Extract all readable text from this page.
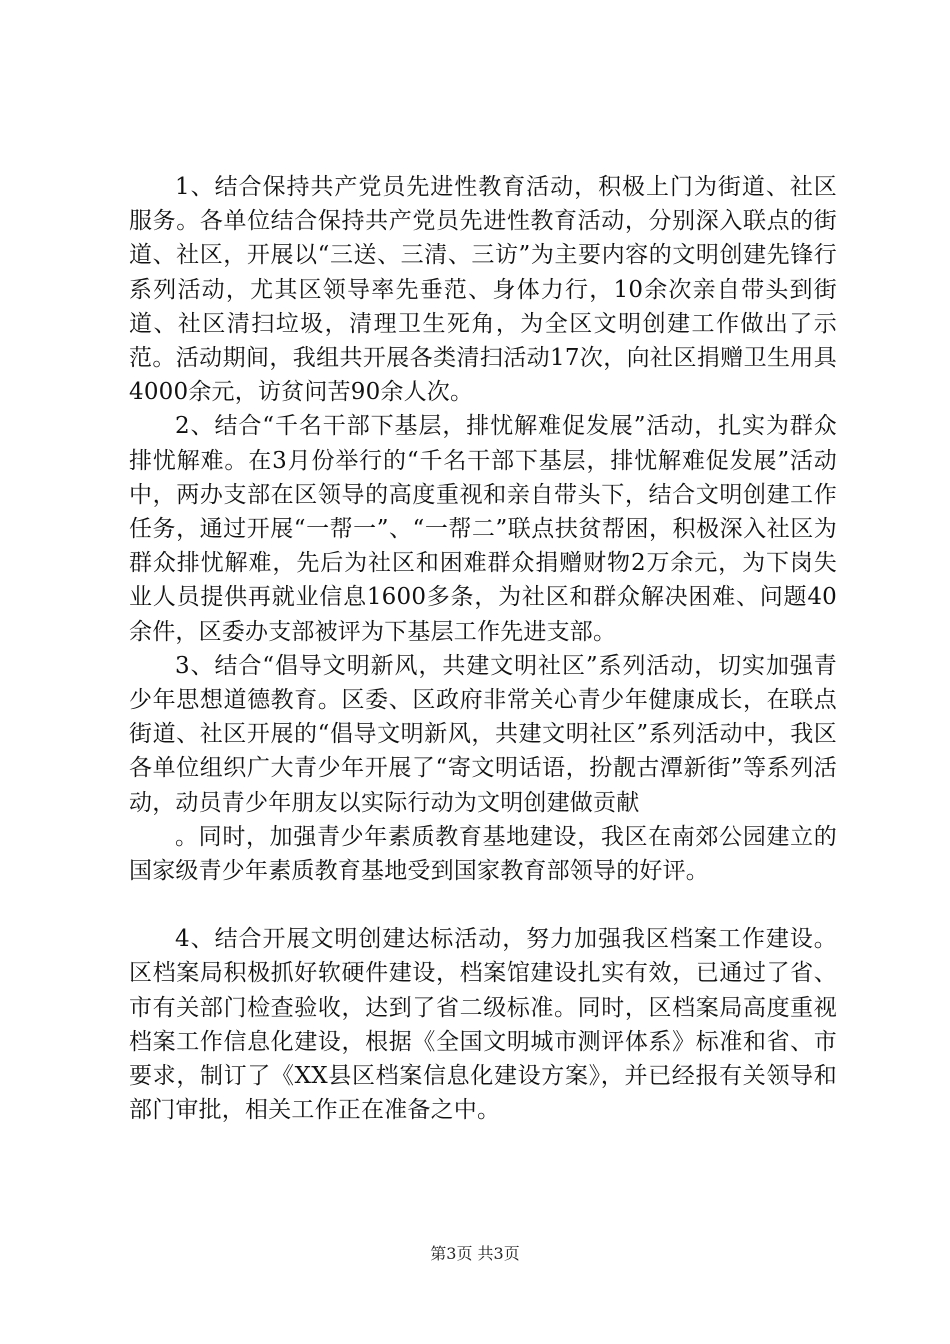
1、结合保持共产党员先进性教育活动，积极上门为街道、社区服务。各单位结合保持共产党员先进性教育活动，分别深入联点的街道、社区，开展以“三送、三清、三访”为主要内容的文明创建先锋行系列活动，尤其区领导率先垂范、身体力行，10余次亲自带头到街道、社区清扫垃圾，清理卫生死角，为全区文明创建工作做出了示范。活动期间，我组共开展各类清扫活动17次，向社区捐赠卫生用具4000余元，访贫问苦90余人次。

2、结合“千名干部下基层，排忧解难促发展”活动，扎实为群众排忧解难。在3月份举行的“千名干部下基层，排忧解难促发展”活动中，两办支部在区领导的高度重视和亲自带头下，结合文明创建工作任务，通过开展“一帮一”、“一帮二”联点扶贫帮困，积极深入社区为群众排忧解难，先后为社区和困难群众捐赠财物2万余元，为下岗失业人员提供再就业信息1600多条，为社区和群众解决困难、问题40余件，区委办支部被评为下基层工作先进支部。

3、结合“倡导文明新风，共建文明社区”系列活动，切实加强青少年思想道德教育。区委、区政府非常关心青少年健康成长，在联点街道、社区开展的“倡导文明新风，共建文明社区”系列活动中，我区各单位组织广大青少年开展了“寄文明话语，扮靓古潭新街”等系列活动，动员青少年朋友以实际行动为文明创建做贡献

。同时，加强青少年素质教育基地建设，我区在南郊公园建立的国家级青少年素质教育基地受到国家教育部领导的好评。

4、结合开展文明创建达标活动，努力加强我区档案工作建设。区档案局积极抓好软硬件建设，档案馆建设扎实有效，已通过了省、市有关部门检查验收，达到了省二级标准。同时，区档案局高度重视档案工作信息化建设，根据《全国文明城市测评体系》标准和省、市要求，制订了《XX县区档案信息化建设方案》，并已经报有关领导和部门审批，相关工作正在准备之中。

第3页 共3页
